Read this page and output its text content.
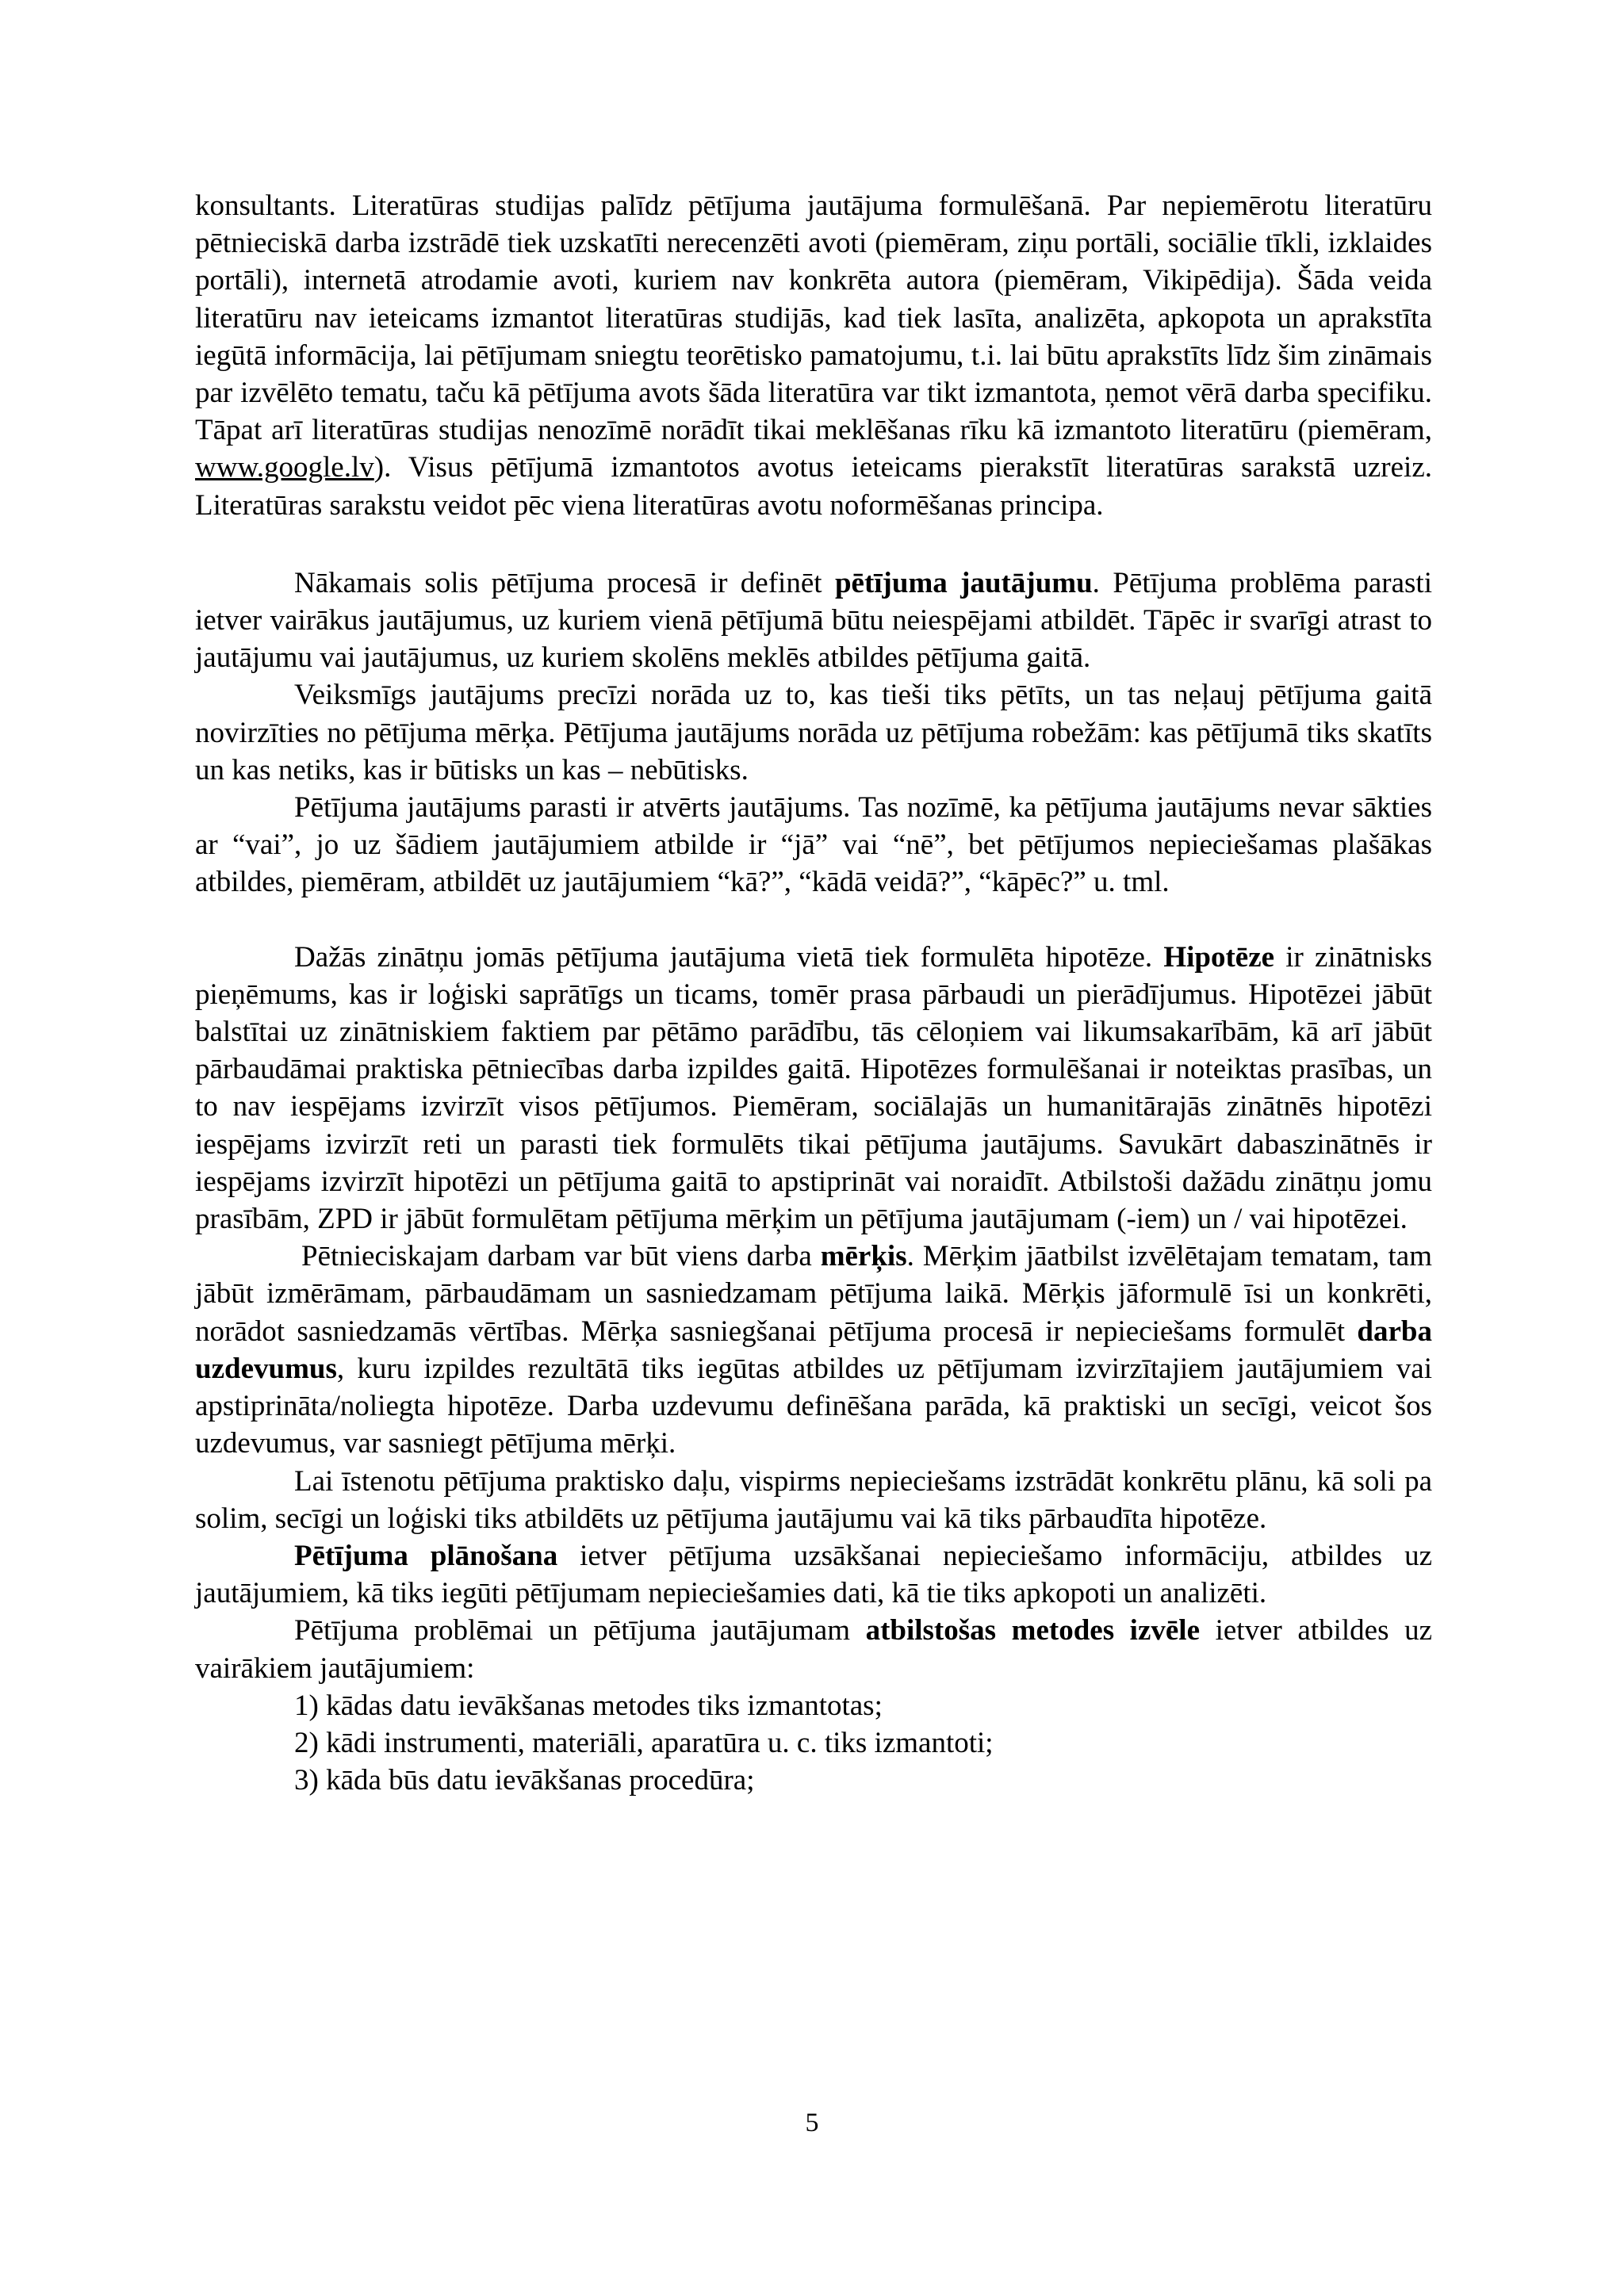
konsultants. Literatūras studijas palīdz pētījuma jautājuma formulēšanā. Par nepiemērotu literatūru pētnieciskā darba izstrādē tiek uzskatīti nerecenzēti avoti (piemēram, ziņu portāli, sociālie tīkli, izklaides portāli), internetā atrodamie avoti, kuriem nav konkrēta autora (piemēram, Vikipēdija). Šāda veida literatūru nav ieteicams izmantot literatūras studijās, kad tiek lasīta, analizēta, apkopota un aprakstīta iegūtā informācija, lai pētījumam sniegtu teorētisko pamatojumu, t.i. lai būtu aprakstīts līdz šim zināmais par izvēlēto tematu, taču kā pētījuma avots šāda literatūra var tikt izmantota, ņemot vērā darba specifiku. Tāpat arī literatūras studijas nenozīmē norādīt tikai meklēšanas rīku kā izmantoto literatūru (piemēram, www.google.lv). Visus pētījumā izmantotos avotus ieteicams pierakstīt literatūras sarakstā uzreiz. Literatūras sarakstu veidot pēc viena literatūras avotu noformēšanas principa.

Nākamais solis pētījuma procesā ir definēt pētījuma jautājumu. Pētījuma problēma parasti ietver vairākus jautājumus, uz kuriem vienā pētījumā būtu neiespējami atbildēt. Tāpēc ir svarīgi atrast to jautājumu vai jautājumus, uz kuriem skolēns meklēs atbildes pētījuma gaitā.

Veiksmīgs jautājums precīzi norāda uz to, kas tieši tiks pētīts, un tas neļauj pētījuma gaitā novirzīties no pētījuma mērķa. Pētījuma jautājums norāda uz pētījuma robežām: kas pētījumā tiks skatīts un kas netiks, kas ir būtisks un kas – nebūtisks.

Pētījuma jautājums parasti ir atvērts jautājums. Tas nozīmē, ka pētījuma jautājums nevar sākties ar “vai”, jo uz šādiem jautājumiem atbilde ir “jā” vai “nē”, bet pētījumos nepieciešamas plašākas atbildes, piemēram, atbildēt uz jautājumiem “kā?”, “kādā veidā?”, “kāpēc?” u. tml.

Dažās zinātņu jomās pētījuma jautājuma vietā tiek formulēta hipotēze. Hipotēze ir zinātnisks pieņēmums, kas ir loģiski saprātīgs un ticams, tomēr prasa pārbaudi un pierādījumus. Hipotēzei jābūt balstītai uz zinātniskiem faktiem par pētāmo parādību, tās cēloņiem vai likumsakarībām, kā arī jābūt pārbaudāmai praktiska pētniecības darba izpildes gaitā. Hipotēzes formulēšanai ir noteiktas prasības, un to nav iespējams izvirzīt visos pētījumos. Piemēram, sociālajās un humanitārajās zinātnēs hipotēzi iespējams izvirzīt reti un parasti tiek formulēts tikai pētījuma jautājums. Savukārt dabaszinātnēs ir iespējams izvirzīt hipotēzi un pētījuma gaitā to apstiprināt vai noraidīt. Atbilstoši dažādu zinātņu jomu prasībām, ZPD ir jābūt formulētam pētījuma mērķim un pētījuma jautājumam (-iem) un / vai hipotēzei.

Pētnieciskajam darbam var būt viens darba mērķis. Mērķim jāatbilst izvēlētajam tematam, tam jābūt izmērāmam, pārbaudāmam un sasniedzamam pētījuma laikā. Mērķis jāformulē īsi un konkrēti, norādot sasniedzamās vērtības. Mērķa sasniegšanai pētījuma procesā ir nepieciešams formulēt darba uzdevumus, kuru izpildes rezultātā tiks iegūtas atbildes uz pētījumam izvirzītajiem jautājumiem vai apstiprināta/noliegta hipotēze. Darba uzdevumu definēšana parāda, kā praktiski un secīgi, veicot šos uzdevumus, var sasniegt pētījuma mērķi.

Lai īstenotu pētījuma praktisko daļu, vispirms nepieciešams izstrādāt konkrētu plānu, kā soli pa solim, secīgi un loģiski tiks atbildēts uz pētījuma jautājumu vai kā tiks pārbaudīta hipotēze.

Pētījuma plānošana ietver pētījuma uzsākšanai nepieciešamo informāciju, atbildes uz jautājumiem, kā tiks iegūti pētījumam nepieciešamies dati, kā tie tiks apkopoti un analizēti.

Pētījuma problēmai un pētījuma jautājumam atbilstošas metodes izvēle ietver atbildes uz vairākiem jautājumiem:

1) kādas datu ievākšanas metodes tiks izmantotas;
2) kādi instrumenti, materiāli, aparatūra u. c. tiks izmantoti;
3) kāda būs datu ievākšanas procedūra;
5
